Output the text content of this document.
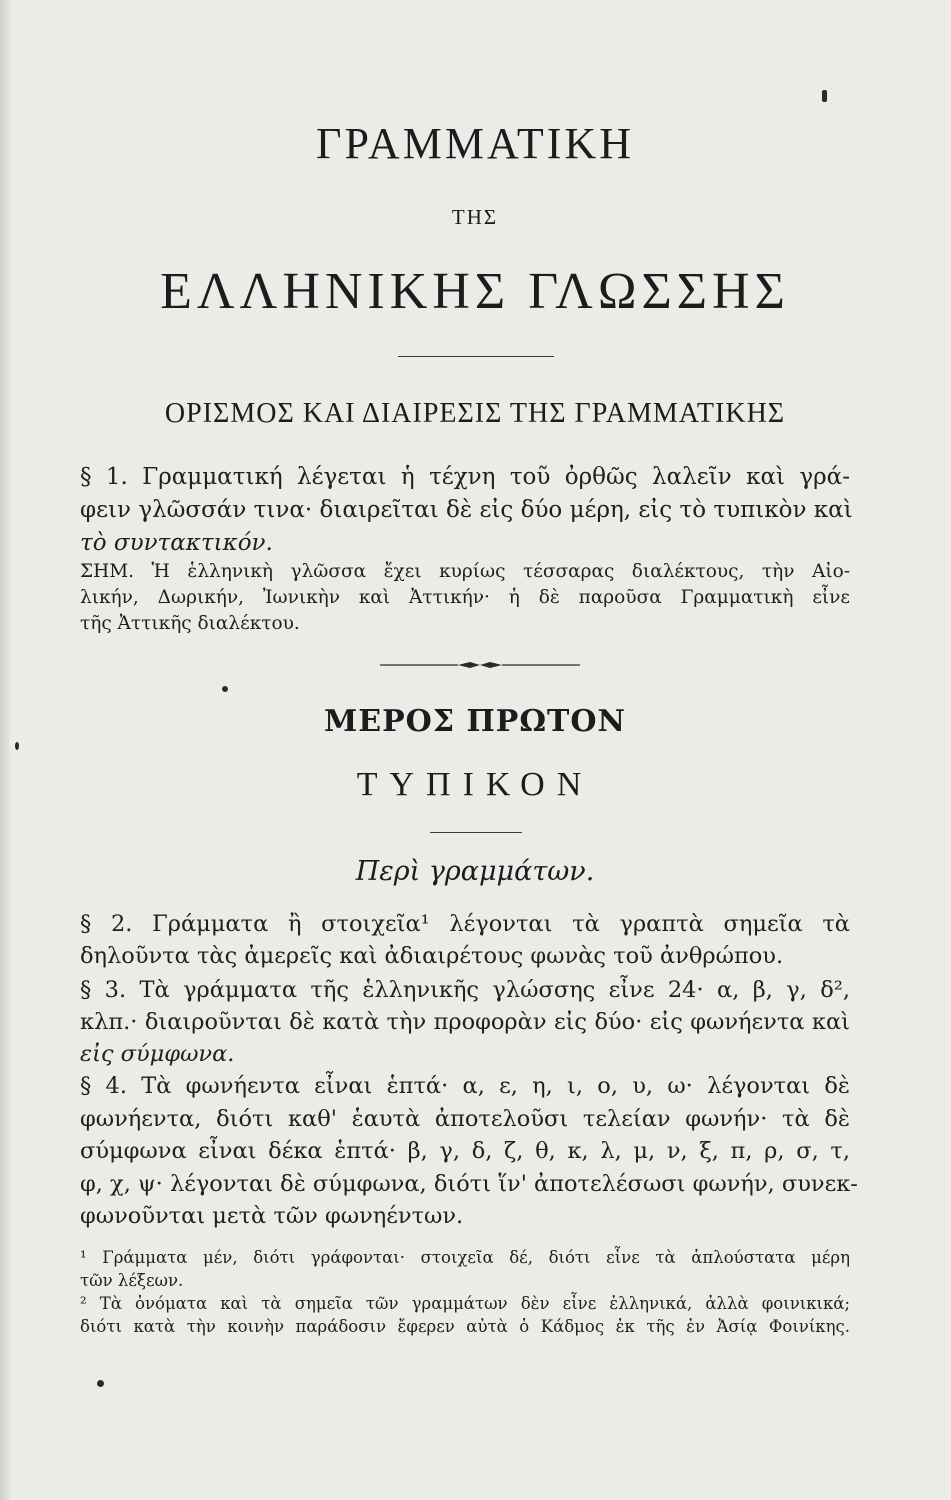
ΓΡΑΜΜΑΤΙΚΗ
ΤΗΣ
ΕΛΛΗΝΙΚΗΣ ΓΛΩΣΣΗΣ
ΟΡΙΣΜΟΣ ΚΑΙ ΔΙΑΙΡΕΣΙΣ ΤΗΣ ΓΡΑΜΜΑΤΙΚΗΣ
§ 1. Γραμματική λέγεται ἡ τέχνη τοῦ ὀρθῶς λαλεῖν καὶ γρά-
φειν γλῶσσάν τινα· διαιρεῖται δὲ εἰς δύο μέρη, εἰς τὸ τυπικὸν καὶ
τὸ συντακτικόν.
ΣΗΜ. Ἡ ἑλληνικὴ γλῶσσα ἔχει κυρίως τέσσαρας διαλέκτους, τὴν Αἰο-
λικήν, Δωρικήν, Ἰωνικὴν καὶ Ἀττικήν· ἡ δὲ παροῦσα Γραμματικὴ εἶνε
τῆς Ἀττικῆς διαλέκτου.
ΜΕΡΟΣ ΠΡΩΤΟΝ
ΤΥΠΙΚΟΝ
Περὶ γραμμάτων.
§ 2. Γράμματα ἢ στοιχεῖα¹ λέγονται τὰ γραπτὰ σημεῖα τὰ
δηλοῦντα τὰς ἀμερεῖς καὶ ἀδιαιρέτους φωνὰς τοῦ ἀνθρώπου.
§ 3. Τὰ γράμματα τῆς ἑλληνικῆς γλώσσης εἶνε 24· α, β, γ, δ²,
κλπ.· διαιροῦνται δὲ κατὰ τὴν προφορὰν εἰς δύο· εἰς φωνήεντα καὶ
εἰς σύμφωνα.
§ 4. Τὰ φωνήεντα εἶναι ἑπτά· α, ε, η, ι, ο, υ, ω· λέγονται δὲ
φωνήεντα, διότι καθ' ἑαυτὰ ἀποτελοῦσι τελείαν φωνήν· τὰ δὲ
σύμφωνα εἶναι δέκα ἑπτά· β, γ, δ, ζ, θ, κ, λ, μ, ν, ξ, π, ρ, σ, τ,
φ, χ, ψ· λέγονται δὲ σύμφωνα, διότι ἵν' ἀποτελέσωσι φωνήν, συνεκ-
φωνοῦνται μετὰ τῶν φωνηέντων.
¹ Γράμματα μέν, διότι γράφονται· στοιχεῖα δέ, διότι εἶνε τὰ ἁπλούστατα μέρη
τῶν λέξεων.
² Τὰ ὀνόματα καὶ τὰ σημεῖα τῶν γραμμάτων δὲν εἶνε ἑλληνικά, ἀλλὰ φοινικικά;
διότι κατὰ τὴν κοινὴν παράδοσιν ἔφερεν αὐτὰ ὁ Κάδμος ἐκ τῆς ἐν Ἀσίᾳ Φοινίκης.
